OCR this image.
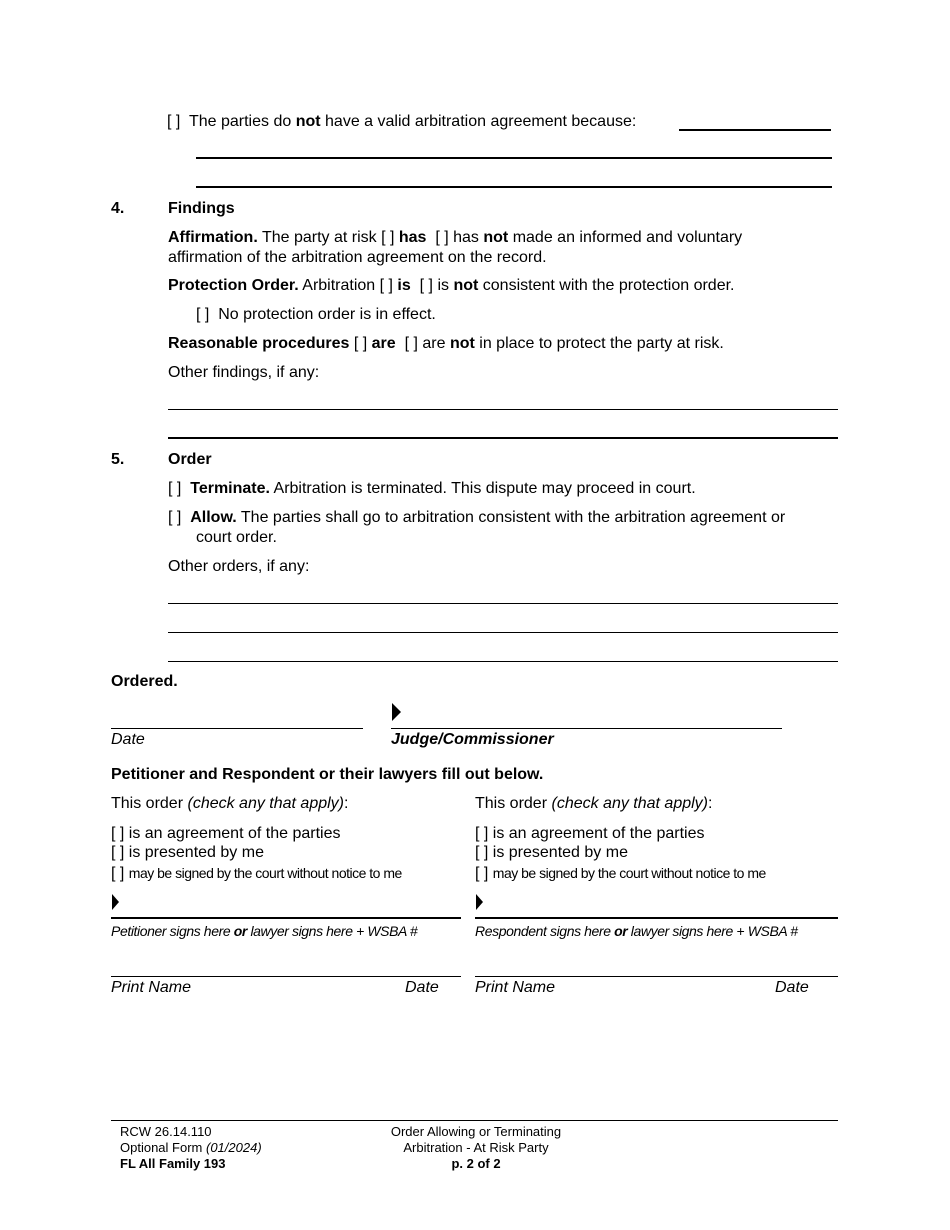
[ ] The parties do not have a valid arbitration agreement because:
4.	Findings
Affirmation. The party at risk [ ] has [ ] has not made an informed and voluntary
affirmation of the arbitration agreement on the record.
Protection Order. Arbitration [ ] is [ ] is not consistent with the protection order.
[ ] No protection order is in effect.
Reasonable procedures [ ] are [ ] are not in place to protect the party at risk.
Other findings, if any:
5.	Order
[ ] Terminate. Arbitration is terminated. This dispute may proceed in court.
[ ] Allow. The parties shall go to arbitration consistent with the arbitration agreement or
court order.
Other orders, if any:
Ordered.
Date	Judge/Commissioner
Petitioner and Respondent or their lawyers fill out below.
This order (check any that apply):
[ ] is an agreement of the parties
[ ] is presented by me
[ ] may be signed by the court without notice to me
Petitioner signs here or lawyer signs here + WSBA #
Print Name	Date
This order (check any that apply):
[ ] is an agreement of the parties
[ ] is presented by me
[ ] may be signed by the court without notice to me
Respondent signs here or lawyer signs here + WSBA #
Print Name	Date
RCW 26.14.110
Optional Form (01/2024)
FL All Family 193
Order Allowing or Terminating
Arbitration - At Risk Party
p. 2 of 2
